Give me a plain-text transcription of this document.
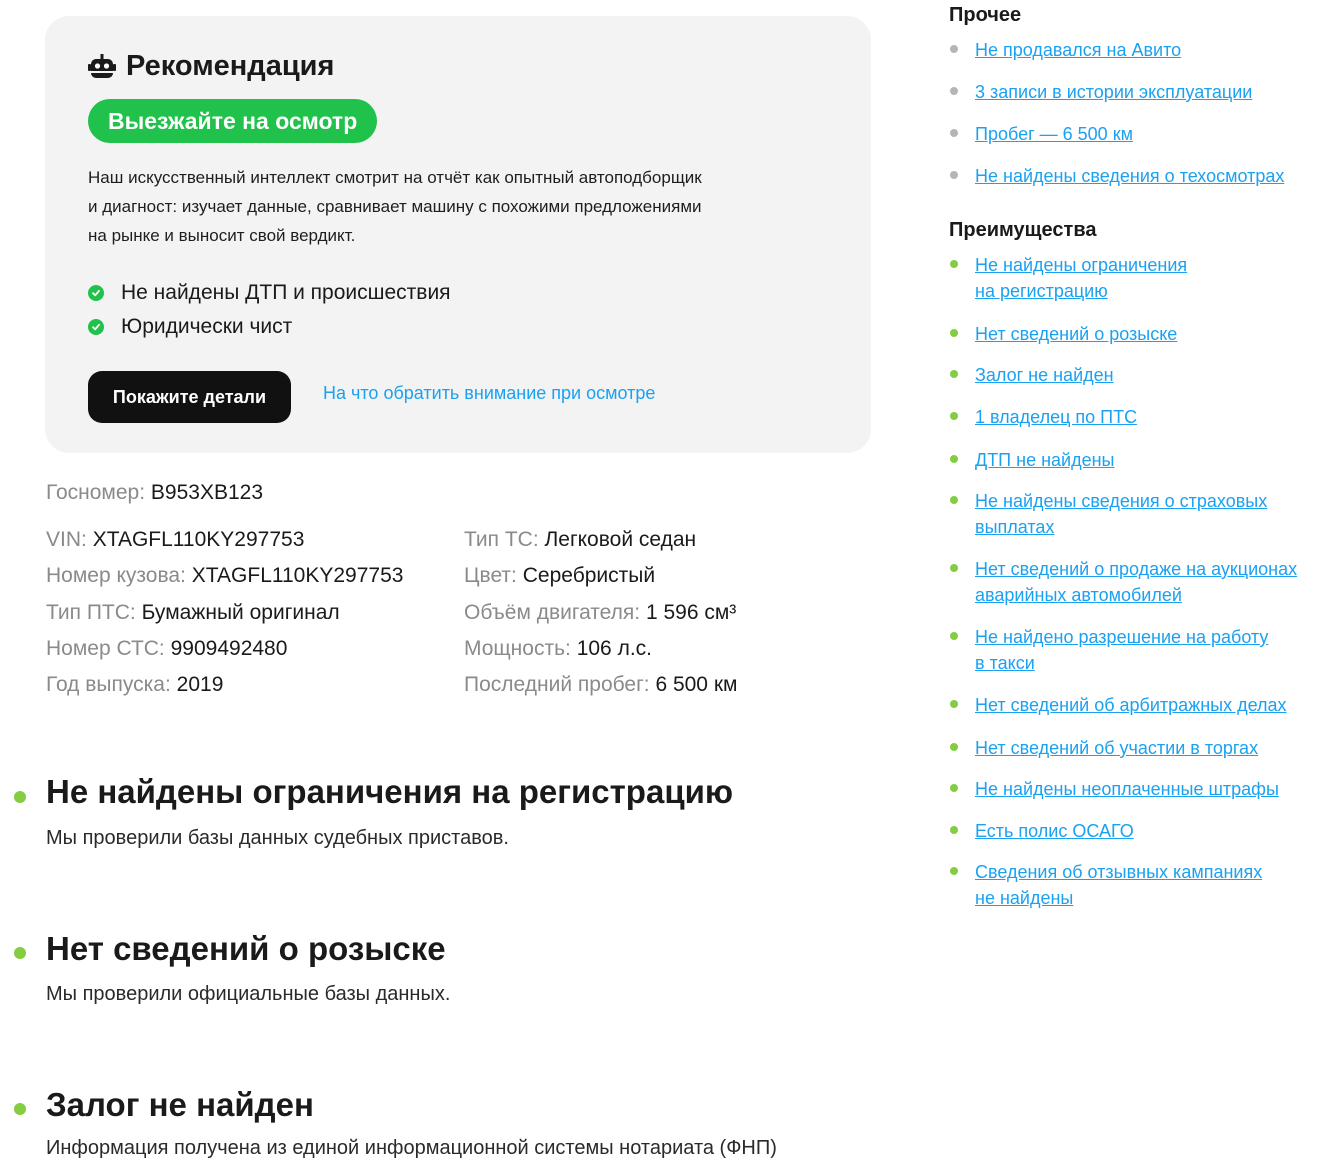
Рекомендация
Выезжайте на осмотр
Наш искусственный интеллект смотрит на отчёт как опытный автоподборщик
и диагност: изучает данные, сравнивает машину с похожими предложениями
на рынке и выносит свой вердикт.
Не найдены ДТП и происшествия
Юридически чист
Покажите детали	На что обратить внимание при осмотре
Госномер: В953ХВ123
VIN: XTAGFL110KY297753
Номер кузова: XTAGFL110KY297753
Тип ПТС: Бумажный оригинал
Номер СТС: 9909492480
Год выпуска: 2019
Тип ТС: Легковой седан
Цвет: Серебристый
Объём двигателя: 1 596 см³
Мощность: 106 л.с.
Последний пробег: 6 500 км
Не найдены ограничения на регистрацию
Мы проверили базы данных судебных приставов.
Нет сведений о розыске
Мы проверили официальные базы данных.
Залог не найден
Информация получена из единой информационной системы нотариата (ФНП)
Прочее
Не продавался на Авито
3 записи в истории эксплуатации
Пробег — 6 500 км
Не найдены сведения о техосмотрах
Преимущества
Не найдены ограничения
на регистрацию
Нет сведений о розыске
Залог не найден
1 владелец по ПТС
ДТП не найдены
Не найдены сведения о страховых
выплатах
Нет сведений о продаже на аукционах
аварийных автомобилей
Не найдено разрешение на работу
в такси
Нет сведений об арбитражных делах
Нет сведений об участии в торгах
Не найдены неоплаченные штрафы
Есть полис ОСАГО
Сведения об отзывных кампаниях
не найдены
